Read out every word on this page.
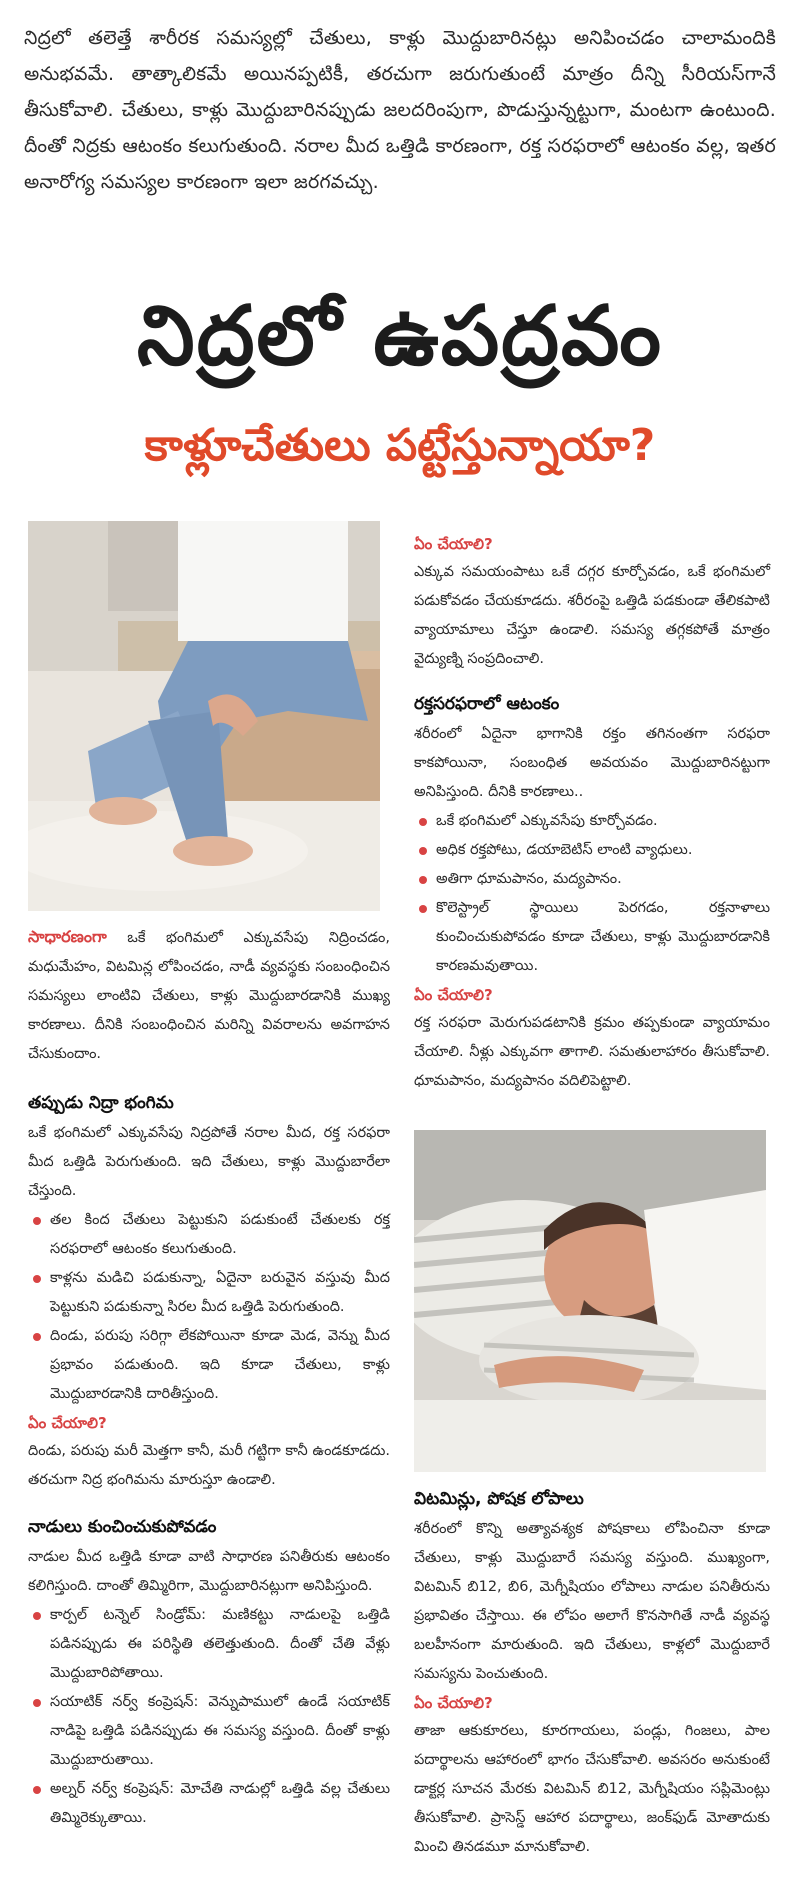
నిద్రలో తలెత్తే శారీరక సమస్యల్లో చేతులు, కాళ్లు మొద్దుబారినట్లు అనిపించడం చాలామందికి అనుభవమే. తాత్కాలికమే అయినప్పటికీ, తరచుగా జరుగుతుంటే మాత్రం దీన్ని సీరియస్‌గానే తీసుకోవాలి. చేతులు, కాళ్లు మొద్దుబారినప్పుడు జలదరింపుగా, పొడుస్తున్నట్టుగా, మంటగా ఉంటుంది. దీంతో నిద్రకు ఆటంకం కలుగుతుంది. నరాల మీద ఒత్తిడి కారణంగా, రక్త సరఫరాలో ఆటంకం వల్ల, ఇతర అనారోగ్య సమస్యల కారణంగా ఇలా జరగవచ్చు.

నిద్రలో ఉపద్రవం
కాళ్లూచేతులు పట్టేస్తున్నాయా?

సాధారణంగా ఒకే భంగిమలో ఎక్కువసేపు నిద్రించడం, మధుమేహం, విటమిన్ల లోపించడం, నాడీ వ్యవస్థకు సంబంధించిన సమస్యలు లాంటివి చేతులు, కాళ్లు మొద్దుబారడానికి ముఖ్య కారణాలు. దీనికి సంబంధించిన మరిన్ని వివరాలను అవగాహన చేసుకుందాం.

తప్పుడు నిద్రా భంగిమ

ఒకే భంగిమలో ఎక్కువసేపు నిద్రపోతే నరాల మీద, రక్త సరఫరా మీద ఒత్తిడి పెరుగుతుంది. ఇది చేతులు, కాళ్లు మొద్దుబారేలా చేస్తుంది.

తల కింద చేతులు పెట్టుకుని పడుకుంటే చేతులకు రక్త సరఫరాలో ఆటంకం కలుగుతుంది.
కాళ్లను మడిచి పడుకున్నా, ఏదైనా బరువైన వస్తువు మీద పెట్టుకుని పడుకున్నా సిరల మీద ఒత్తిడి పెరుగుతుంది.
దిండు, పరుపు సరిగ్గా లేకపోయినా కూడా మెడ, వెన్ను మీద ప్రభావం పడుతుంది. ఇది కూడా చేతులు, కాళ్లు మొద్దుబారడానికి దారితీస్తుంది.
ఏం చేయాలి?

దిండు, పరుపు మరీ మెత్తగా కానీ, మరీ గట్టిగా కానీ ఉండకూడదు. తరచుగా నిద్ర భంగిమను మారుస్తూ ఉండాలి.

నాడులు కుంచించుకుపోవడం

నాడుల మీద ఒత్తిడి కూడా వాటి సాధారణ పనితీరుకు ఆటంకం కలిగిస్తుంది. దాంతో తిమ్మిరిగా, మొద్దుబారినట్లుగా అనిపిస్తుంది.

కార్పల్ టన్నెల్ సిండ్రోమ్: మణికట్టు నాడులపై ఒత్తిడి పడినప్పుడు ఈ పరిస్థితి తలెత్తుతుంది. దీంతో చేతి వేళ్లు మొద్దుబారిపోతాయి.
సయాటిక్ నర్వ్ కంప్రెషన్: వెన్నుపాములో ఉండే సయాటిక్ నాడిపై ఒత్తిడి పడినప్పుడు ఈ సమస్య వస్తుంది. దీంతో కాళ్లు మొద్దుబారుతాయి.
అల్నర్ నర్వ్ కంప్రెషన్: మోచేతి నాడుల్లో ఒత్తిడి వల్ల చేతులు తిమ్మిరెక్కుతాయి.
ఏం చేయాలి?

ఎక్కువ సమయంపాటు ఒకే దగ్గర కూర్చోవడం, ఒకే భంగిమలో పడుకోవడం చేయకూడదు. శరీరంపై ఒత్తిడి పడకుండా తేలికపాటి వ్యాయామాలు చేస్తూ ఉండాలి. సమస్య తగ్గకపోతే మాత్రం వైద్యుణ్ని సంప్రదించాలి.

రక్తసరఫరాలో ఆటంకం

శరీరంలో ఏదైనా భాగానికి రక్తం తగినంతగా సరఫరా కాకపోయినా, సంబంధిత అవయవం మొద్దుబారినట్టుగా అనిపిస్తుంది. దీనికి కారణాలు..

ఒకే భంగిమలో ఎక్కువసేపు కూర్చోవడం.
అధిక రక్తపోటు, డయాబెటిస్ లాంటి వ్యాధులు.
అతిగా ధూమపానం, మద్యపానం.
కొలెస్ట్రాల్ స్థాయిలు పెరగడం, రక్తనాళాలు కుంచించుకుపోవడం కూడా చేతులు, కాళ్లు మొద్దుబారడానికి కారణమవుతాయి.
ఏం చేయాలి?

రక్త సరఫరా మెరుగుపడటానికి క్రమం తప్పకుండా వ్యాయామం చేయాలి. నీళ్లు ఎక్కువగా తాగాలి. సమతులాహారం తీసుకోవాలి. ధూమపానం, మద్యపానం వదిలిపెట్టాలి.

విటమిన్లు, పోషక లోపాలు

శరీరంలో కొన్ని అత్యావశ్యక పోషకాలు లోపించినా కూడా చేతులు, కాళ్లు మొద్దుబారే సమస్య వస్తుంది. ముఖ్యంగా, విటమిన్ బి12, బి6, మెగ్నీషియం లోపాలు నాడుల పనితీరును ప్రభావితం చేస్తాయి. ఈ లోపం అలాగే కొనసాగితే నాడీ వ్యవస్థ బలహీనంగా మారుతుంది. ఇది చేతులు, కాళ్లలో మొద్దుబారే సమస్యను పెంచుతుంది.

ఏం చేయాలి?

తాజా ఆకుకూరలు, కూరగాయలు, పండ్లు, గింజలు, పాల పదార్థాలను ఆహారంలో భాగం చేసుకోవాలి. అవసరం అనుకుంటే డాక్టర్ల సూచన మేరకు విటమిన్ బి12, మెగ్నీషియం సప్లిమెంట్లు తీసుకోవాలి. ప్రాసెస్డ్ ఆహార పదార్థాలు, జంక్‌ఫుడ్ మోతాదుకు మించి తినడమూ మానుకోవాలి.
